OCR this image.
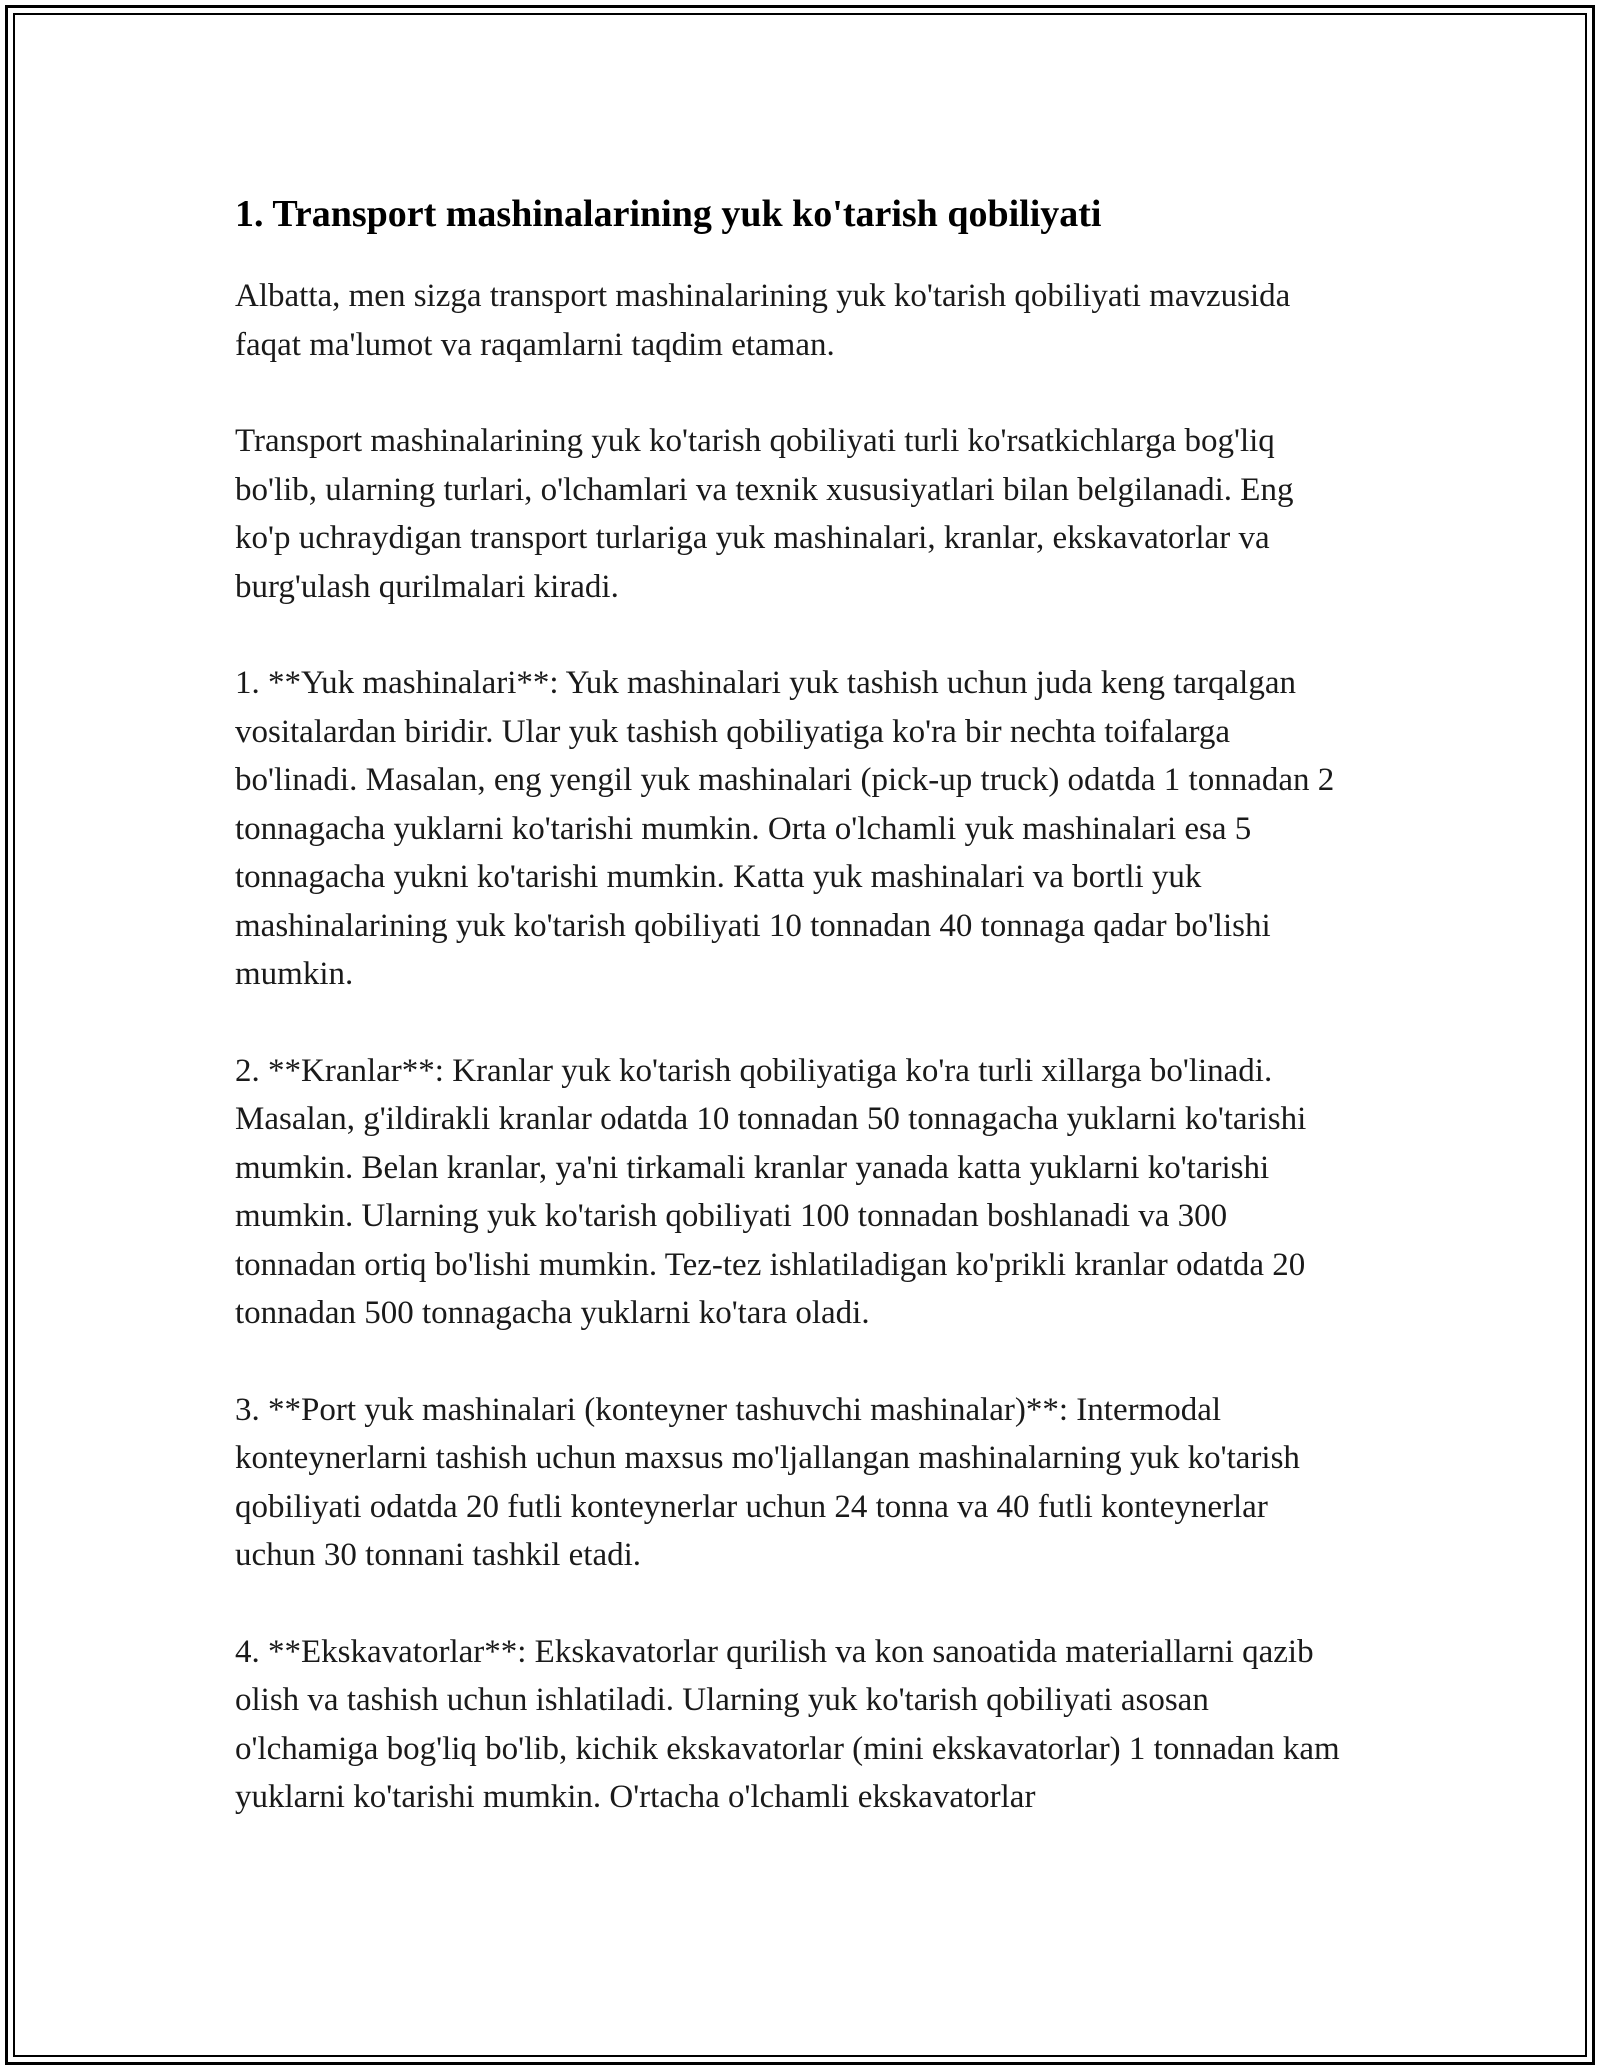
1. Transport mashinalarining yuk ko'tarish qobiliyati

Albatta, men sizga transport mashinalarining yuk ko'tarish qobiliyati mavzusida faqat ma'lumot va raqamlarni taqdim etaman.

Transport mashinalarining yuk ko'tarish qobiliyati turli ko'rsatkichlarga bog'liq bo'lib, ularning turlari, o'lchamlari va texnik xususiyatlari bilan belgilanadi. Eng ko'p uchraydigan transport turlariga yuk mashinalari, kranlar, ekskavatorlar va burg'ulash qurilmalari kiradi.

1. **Yuk mashinalari**: Yuk mashinalari yuk tashish uchun juda keng tarqalgan vositalardan biridir. Ular yuk tashish qobiliyatiga ko'ra bir nechta toifalarga bo'linadi. Masalan, eng yengil yuk mashinalari (pick-up truck) odatda 1 tonnadan 2 tonnagacha yuklarni ko'tarishi mumkin. Orta o'lchamli yuk mashinalari esa 5 tonnagacha yukni ko'tarishi mumkin. Katta yuk mashinalari va bortli yuk mashinalarining yuk ko'tarish qobiliyati 10 tonnadan 40 tonnaga qadar bo'lishi mumkin.

2. **Kranlar**: Kranlar yuk ko'tarish qobiliyatiga ko'ra turli xillarga bo'linadi. Masalan, g'ildirakli kranlar odatda 10 tonnadan 50 tonnagacha yuklarni ko'tarishi mumkin. Belan kranlar, ya'ni tirkamali kranlar yanada katta yuklarni ko'tarishi mumkin. Ularning yuk ko'tarish qobiliyati 100 tonnadan boshlanadi va 300 tonnadan ortiq bo'lishi mumkin. Tez-tez ishlatiladigan ko'prikli kranlar odatda 20 tonnadan 500 tonnagacha yuklarni ko'tara oladi.

3. **Port yuk mashinalari (konteyner tashuvchi mashinalar)**: Intermodal konteynerlarni tashish uchun maxsus mo'ljallangan mashinalarning yuk ko'tarish qobiliyati odatda 20 futli konteynerlar uchun 24 tonna va 40 futli konteynerlar uchun 30 tonnani tashkil etadi.

4. **Ekskavatorlar**: Ekskavatorlar qurilish va kon sanoatida materiallarni qazib olish va tashish uchun ishlatiladi. Ularning yuk ko'tarish qobiliyati asosan o'lchamiga bog'liq bo'lib, kichik ekskavatorlar (mini ekskavatorlar) 1 tonnadan kam yuklarni ko'tarishi mumkin. O'rtacha o'lchamli ekskavatorlar
